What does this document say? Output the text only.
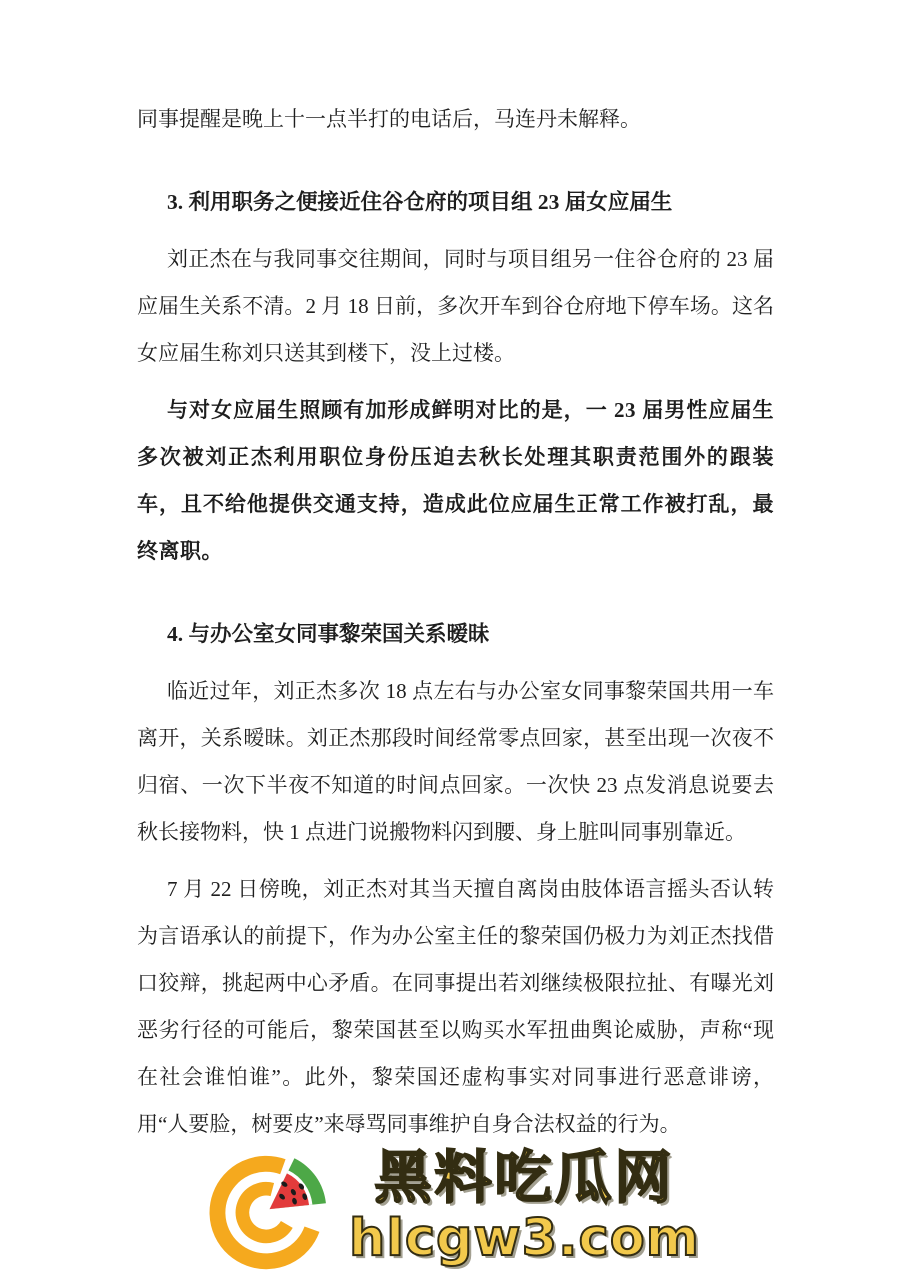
同事提醒是晚上十一点半打的电话后，马连丹未解释。

3. 利用职务之便接近住谷仓府的项目组 23 届女应届生

刘正杰在与我同事交往期间，同时与项目组另一住谷仓府的 23 届应届生关系不清。2 月 18 日前，多次开车到谷仓府地下停车场。这名女应届生称刘只送其到楼下，没上过楼。

与对女应届生照顾有加形成鲜明对比的是，一 23 届男性应届生多次被刘正杰利用职位身份压迫去秋长处理其职责范围外的跟装车，且不给他提供交通支持，造成此位应届生正常工作被打乱，最终离职。

4. 与办公室女同事黎荣国关系暧昧

临近过年，刘正杰多次 18 点左右与办公室女同事黎荣国共用一车离开，关系暧昧。刘正杰那段时间经常零点回家，甚至出现一次夜不归宿、一次下半夜不知道的时间点回家。一次快 23 点发消息说要去秋长接物料，快 1 点进门说搬物料闪到腰、身上脏叫同事别靠近。

7 月 22 日傍晚，刘正杰对其当天擅自离岗由肢体语言摇头否认转为言语承认的前提下，作为办公室主任的黎荣国仍极力为刘正杰找借口狡辩，挑起两中心矛盾。在同事提出若刘继续极限拉扯、有曝光刘恶劣行径的可能后，黎荣国甚至以购买水军扭曲舆论威胁，声称“现在社会谁怕谁”。此外，黎荣国还虚构事实对同事进行恶意诽谤，用“人要脸，树要皮”来辱骂同事维护自身合法权益的行为。

黑料吃瓜网
hlcgw3.com
